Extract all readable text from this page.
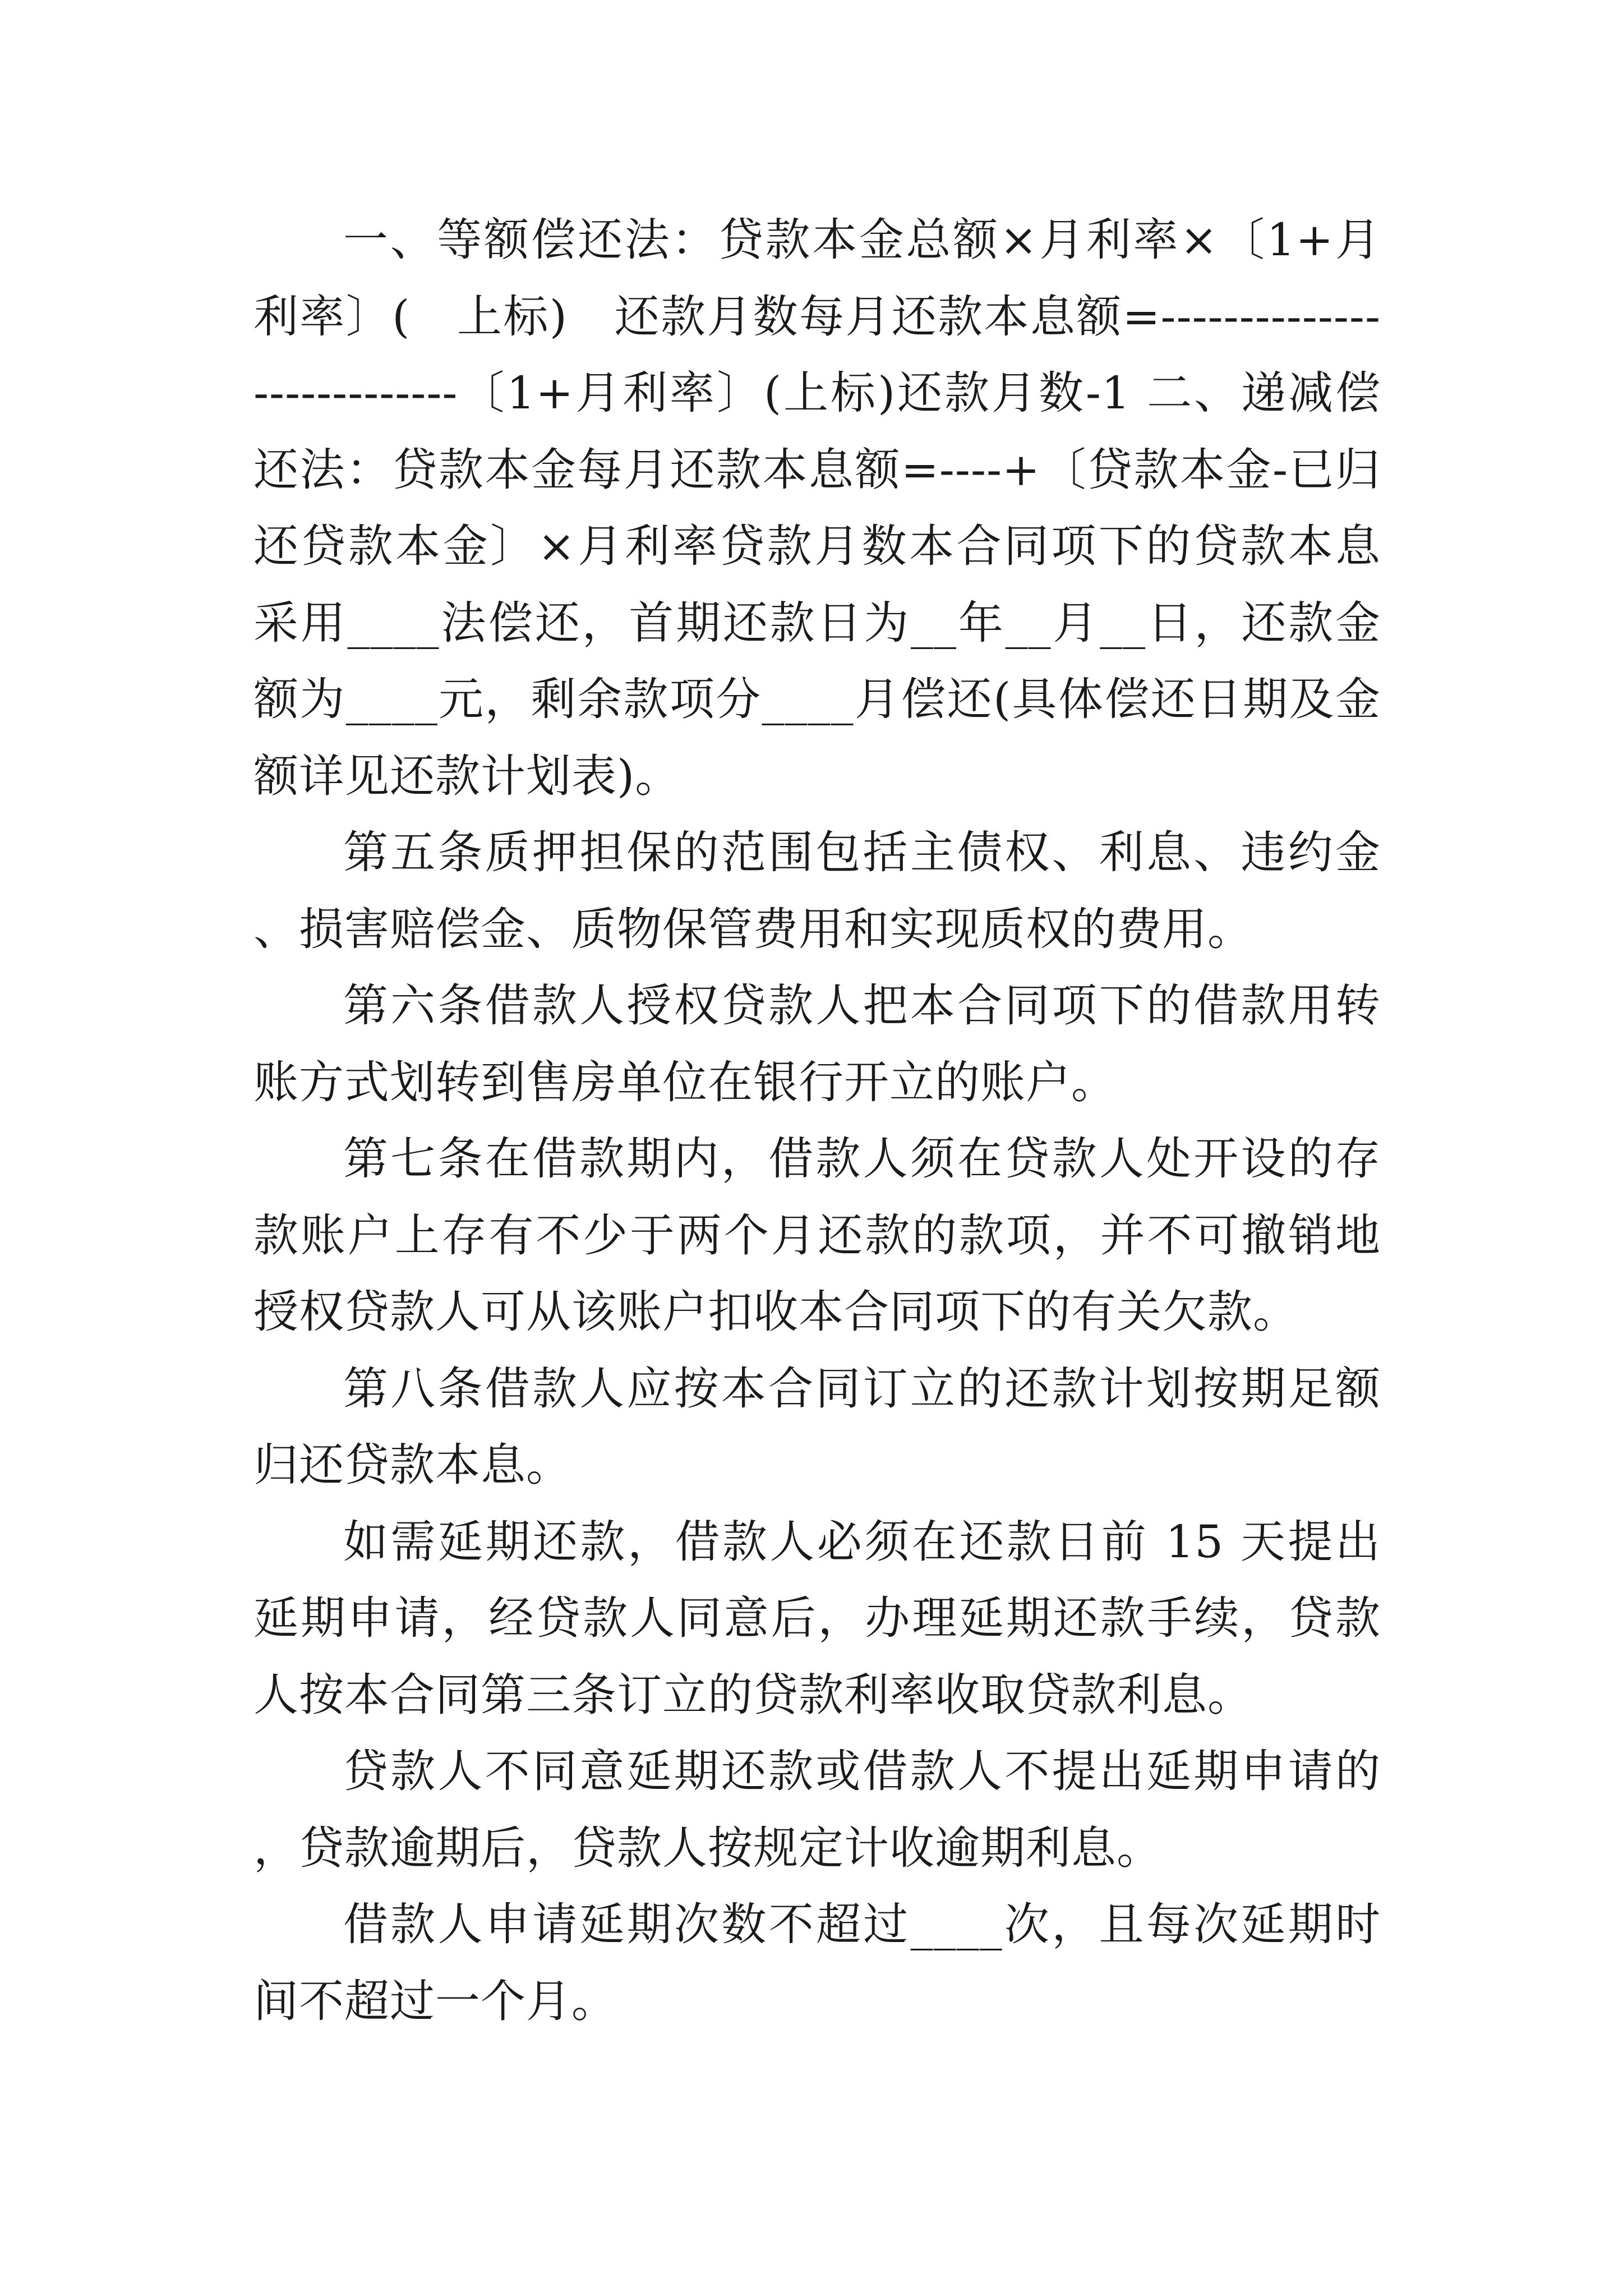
一、等额偿还法：贷款本金总额×月利率×〔1+月利率〕(　上标)　还款月数每月还款本息额=---------------------------〔1+月利率〕(上标)还款月数-1 二、递减偿还法：贷款本金每月还款本息额=----+〔贷款本金-已归还贷款本金〕×月利率贷款月数本合同项下的贷款本息采用____法偿还，首期还款日为__年__月__日，还款金额为____元，剩余款项分____月偿还(具体偿还日期及金额详见还款计划表)。

第五条质押担保的范围包括主债权、利息、违约金、损害赔偿金、质物保管费用和实现质权的费用。

第六条借款人授权贷款人把本合同项下的借款用转账方式划转到售房单位在银行开立的账户。

第七条在借款期内，借款人须在贷款人处开设的存款账户上存有不少于两个月还款的款项，并不可撤销地授权贷款人可从该账户扣收本合同项下的有关欠款。

第八条借款人应按本合同订立的还款计划按期足额归还贷款本息。

如需延期还款，借款人必须在还款日前 15 天提出延期申请，经贷款人同意后，办理延期还款手续，贷款人按本合同第三条订立的贷款利率收取贷款利息。

贷款人不同意延期还款或借款人不提出延期申请的，贷款逾期后，贷款人按规定计收逾期利息。

借款人申请延期次数不超过____次，且每次延期时间不超过一个月。
